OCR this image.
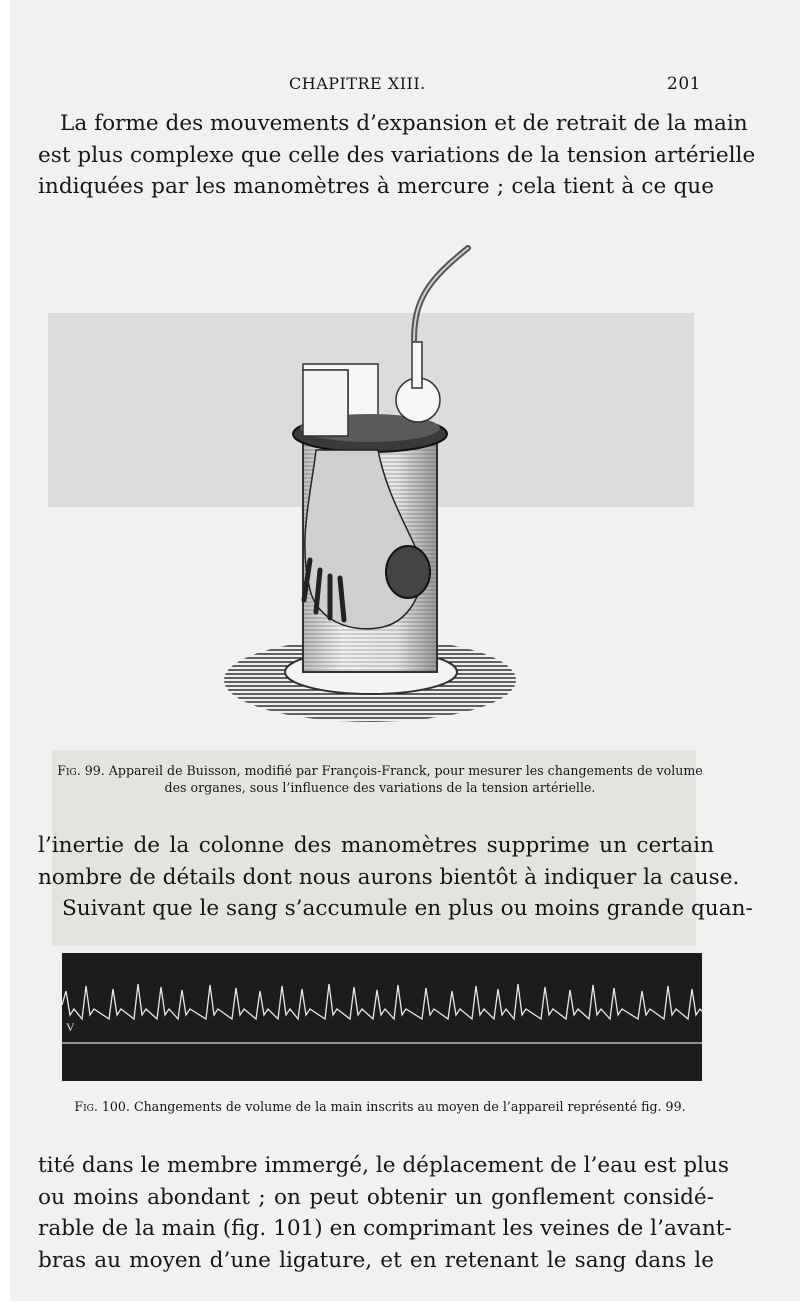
CHAPITRE XIII.	201
La forme des mouvements d’expansion et de retrait de la main
est plus complexe que celle des variations de la tension artérielle
indiquées par les manomètres à mercure ; cela tient à ce que
Fig. 99. Appareil de Buisson, modifié par François-Franck, pour mesurer les changements de volume
des organes, sous l’influence des variations de la tension artérielle.
l’inertie de la colonne des manomètres supprime un certain
nombre de détails dont nous aurons bientôt à indiquer la cause.
Suivant que le sang s’accumule en plus ou moins grande quan-
V
Fig. 100. Changements de volume de la main inscrits au moyen de l’appareil représenté fig. 99.
tité dans le membre immergé, le déplacement de l’eau est plus
ou moins abondant ; on peut obtenir un gonflement considé-
rable de la main (fig. 101) en comprimant les veines de l’avant-
bras au moyen d’une ligature, et en retenant le sang dans le
